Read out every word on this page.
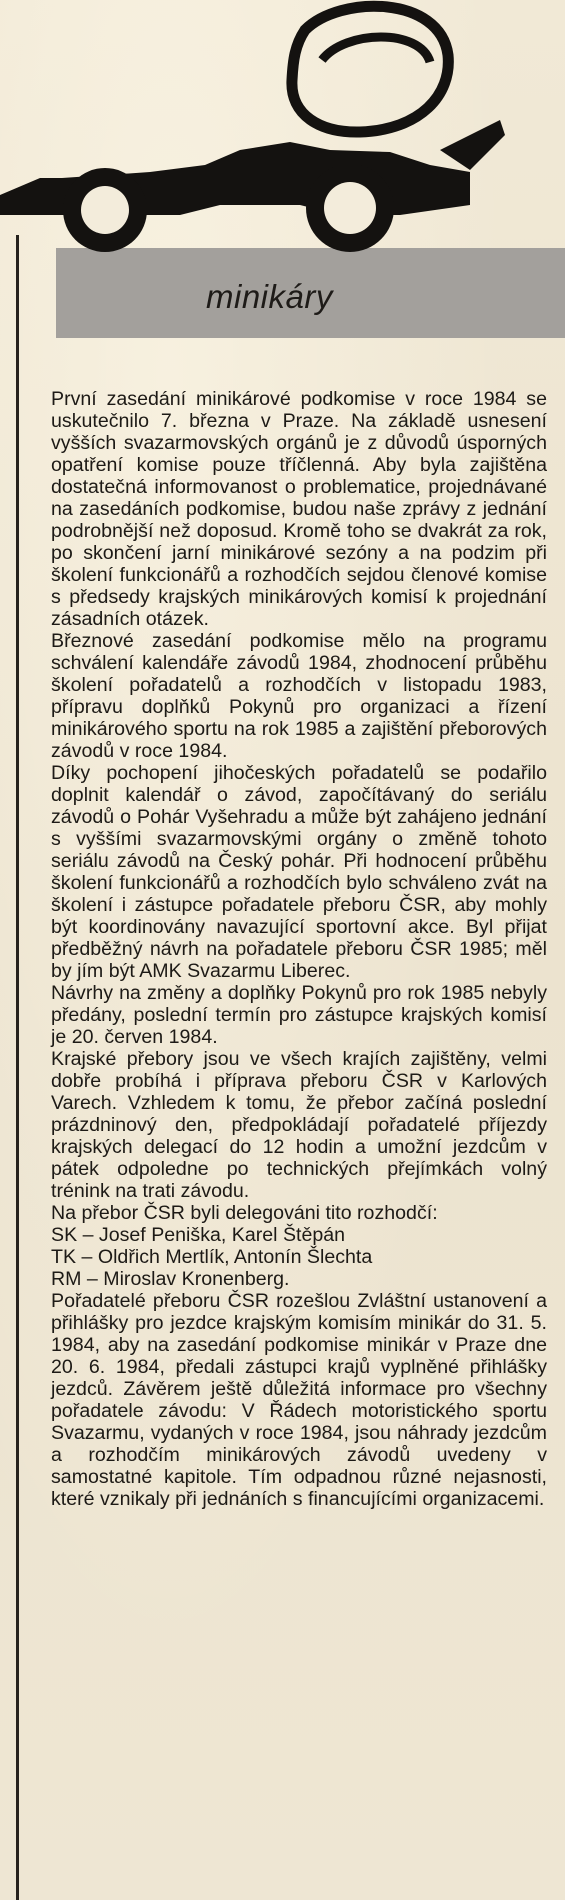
minikáry

První zasedání minikárové podkomise v roce 1984 se uskutečnilo 7. března v Praze. Na základě usnesení vyšších svazarmovských orgánů je z důvodů úsporných opatření komise pouze tříčlenná. Aby byla zajištěna dostatečná informovanost o problematice, projednávané na zasedáních podkomise, budou naše zprávy z jednání podrobnější než doposud. Kromě toho se dvakrát za rok, po skončení jarní minikárové sezóny a na podzim při školení funkcionářů a rozhodčích sejdou členové komise s předsedy krajských minikárových komisí k projednání zásadních otázek.

Březnové zasedání podkomise mělo na programu schválení kalendáře závodů 1984, zhodnocení průběhu školení pořadatelů a rozhodčích v listopadu 1983, přípravu doplňků Pokynů pro organizaci a řízení minikárového sportu na rok 1985 a zajištění přeborových závodů v roce 1984.

Díky pochopení jihočeských pořadatelů se podařilo doplnit kalendář o závod, započítávaný do seriálu závodů o Pohár Vyšehradu a může být zahájeno jednání s vyššími svazarmovskými orgány o změně tohoto seriálu závodů na Český pohár. Při hodnocení průběhu školení funkcionářů a rozhodčích bylo schváleno zvát na školení i zástupce pořadatele přeboru ČSR, aby mohly být koordinovány navazující sportovní akce. Byl přijat předběžný návrh na pořadatele přeboru ČSR 1985; měl by jím být AMK Svazarmu Liberec.

Návrhy na změny a doplňky Pokynů pro rok 1985 nebyly předány, poslední termín pro zástupce krajských komisí je 20. červen 1984.

Krajské přebory jsou ve všech krajích zajištěny, velmi dobře probíhá i příprava přeboru ČSR v Karlových Varech. Vzhledem k tomu, že přebor začíná poslední prázdninový den, předpokládají pořadatelé příjezdy krajských delegací do 12 hodin a umožní jezdcům v pátek odpoledne po technických přejímkách volný trénink na trati závodu.

Na přebor ČSR byli delegováni tito rozhodčí:

SK – Josef Peniška, Karel Štěpán
TK – Oldřich Mertlík, Antonín Šlechta
RM – Miroslav Kronenberg.

Pořadatelé přeboru ČSR rozešlou Zvláštní ustanovení a přihlášky pro jezdce krajským komisím minikár do 31. 5. 1984, aby na zasedání podkomise minikár v Praze dne 20. 6. 1984, předali zástupci krajů vyplněné přihlášky jezdců. Závěrem ještě důležitá informace pro všechny pořadatele závodu: V Řádech motoristického sportu Svazarmu, vydaných v roce 1984, jsou náhrady jezdcům a rozhodčím minikárových závodů uvedeny v samostatné kapitole. Tím odpadnou různé nejasnosti, které vznikaly při jednáních s financujícími organizacemi.
